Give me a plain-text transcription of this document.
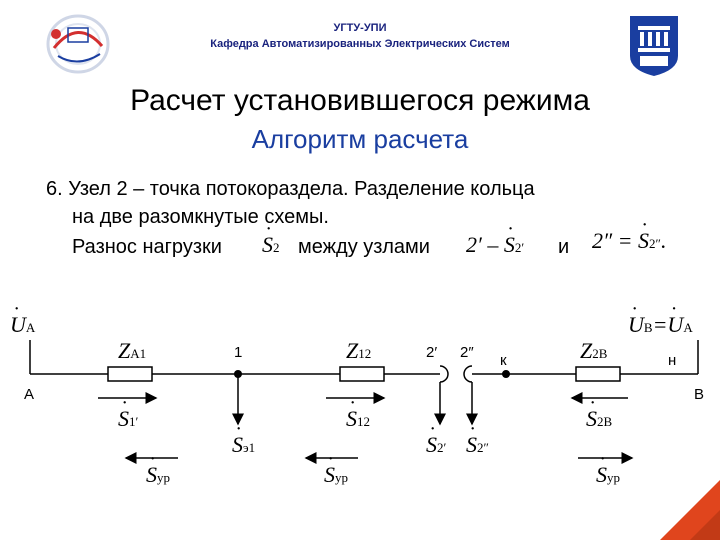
УГТУ-УПИ
Кафедра Автоматизированных Электрических Систем
Расчет установившегося режима
Алгоритм расчета
6. Узел 2 – точка потокораздела. Разделение кольца
на две разомкнутые схемы.
Разнос нагрузки ˙ S2 между узлами 2′ – ˙ S2′ и 2″ = ˙ S2″.
˙ UA	˙ UB=˙ UA
A
1	2′ 2″ к	н
B
ZA1	Z12	Z2B
˙ S1′
˙ Sэ1
˙ S12
˙ S2′ ˙ S2″
˙ S2B
˙ Sур	˙ Sур	˙ Sур
